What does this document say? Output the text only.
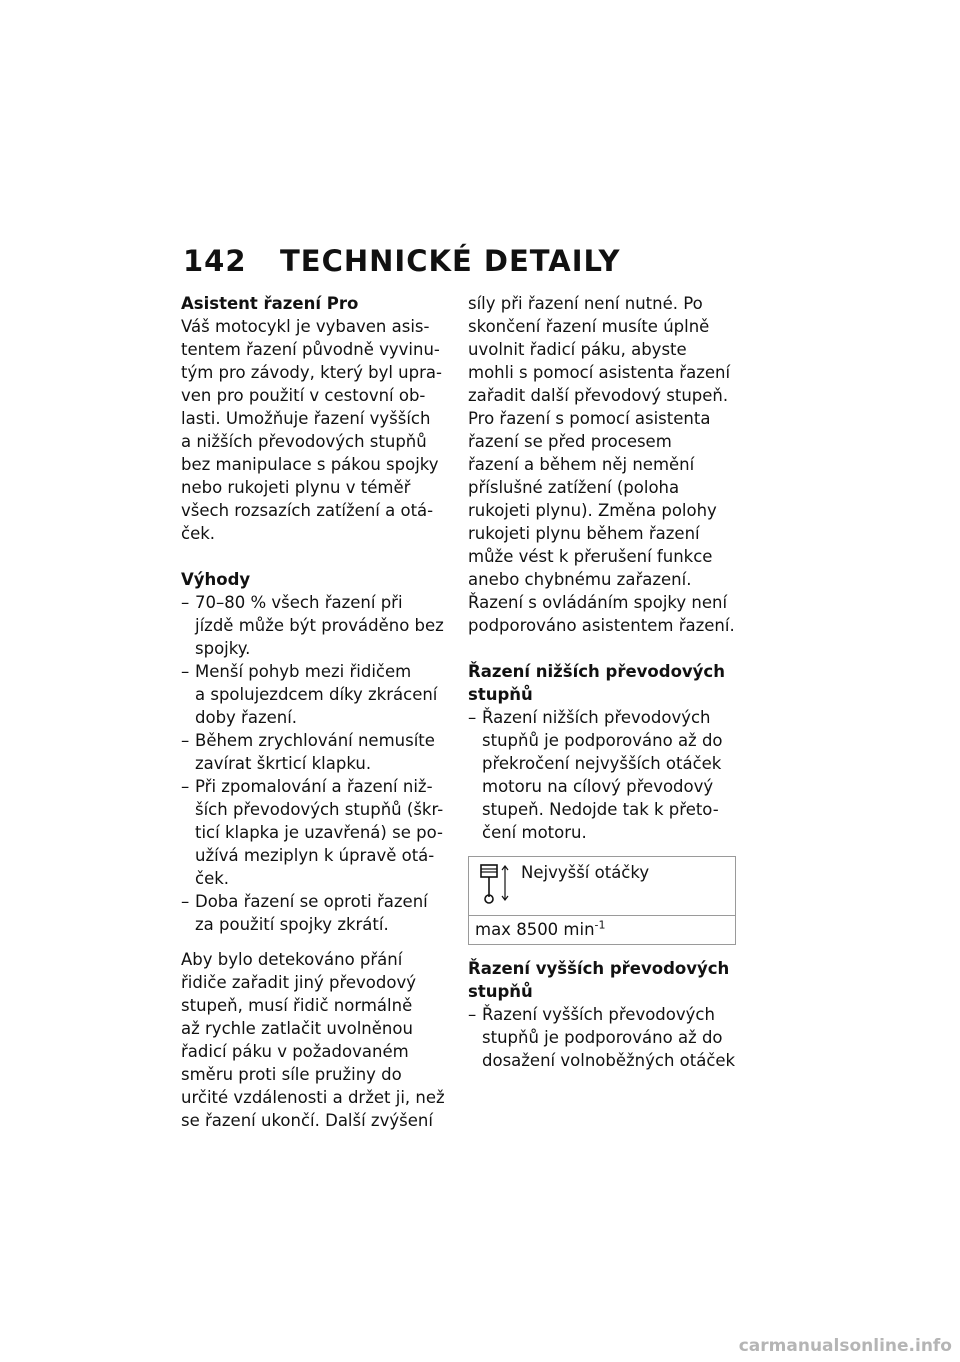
142 TECHNICKÉ DETAILY
Asistent řazení Pro
Váš motocykl je vybaven asis-
tentem řazení původně vyvinu-
tým pro závody, který byl upra-
ven pro použití v cestovní ob-
lasti. Umožňuje řazení vyšších
a nižších převodových stupňů
bez manipulace s pákou spojky
nebo rukojeti plynu v téměř
všech rozsazích zatížení a otá-
ček.
Výhody
– 70–80 % všech řazení při
jízdě může být prováděno bez
spojky.
– Menší pohyb mezi řidičem
a spolujezdcem díky zkrácení
doby řazení.
– Během zrychlování nemusíte
zavírat škrticí klapku.
– Při zpomalování a řazení niž-
ších převodových stupňů (škr-
ticí klapka je uzavřená) se po-
užívá meziplyn k úpravě otá-
ček.
– Doba řazení se oproti řazení
za použití spojky zkrátí.
Aby bylo detekováno přání
řidiče zařadit jiný převodový
stupeň, musí řidič normálně
až rychle zatlačit uvolněnou
řadicí páku v požadovaném
směru proti síle pružiny do
určité vzdálenosti a držet ji, než
se řazení ukončí. Další zvýšení
síly při řazení není nutné. Po
skončení řazení musíte úplně
uvolnit řadicí páku, abyste
mohli s pomocí asistenta řazení
zařadit další převodový stupeň.
Pro řazení s pomocí asistenta
řazení se před procesem
řazení a během něj nemění
příslušné zatížení (poloha
rukojeti plynu). Změna polohy
rukojeti plynu během řazení
může vést k přerušení funkce
anebo chybnému zařazení.
Řazení s ovládáním spojky není
podporováno asistentem řazení.
Řazení nižších převodových
stupňů
– Řazení nižších převodových
stupňů je podporováno až do
překročení nejvyšších otáček
motoru na cílový převodový
stupeň. Nedojde tak k přeto-
čení motoru.
Nejvyšší otáčky
max 8500 $\min^{-1}$
Řazení vyšších převodových
stupňů
– Řazení vyšších převodových
stupňů je podporováno až do
dosažení volnoběžných otáček
carmanualsonline.info
